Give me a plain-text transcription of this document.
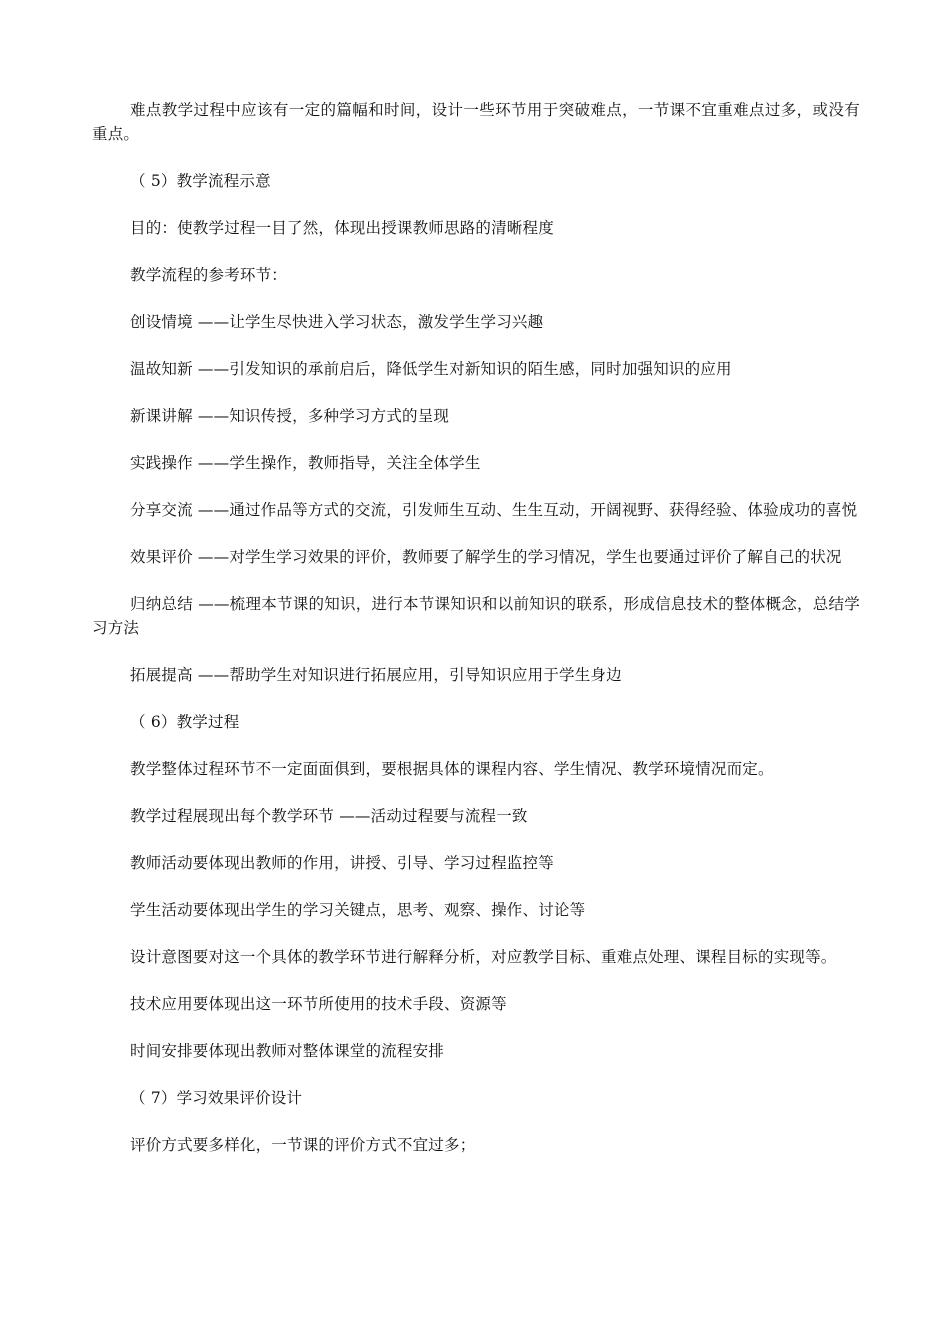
难点教学过程中应该有一定的篇幅和时间，设计一些环节用于突破难点，一节课不宜重难点过多，或没有重点。

（ 5）教学流程示意

目的：使教学过程一目了然，体现出授课教师思路的清晰程度

教学流程的参考环节：

创设情境 ——让学生尽快进入学习状态，激发学生学习兴趣

温故知新 ——引发知识的承前启后，降低学生对新知识的陌生感，同时加强知识的应用

新课讲解 ——知识传授，多种学习方式的呈现

实践操作 ——学生操作，教师指导，关注全体学生

分享交流 ——通过作品等方式的交流，引发师生互动、生生互动，开阔视野、获得经验、体验成功的喜悦

效果评价 ——对学生学习效果的评价，教师要了解学生的学习情况，学生也要通过评价了解自己的状况

归纳总结 ——梳理本节课的知识，进行本节课知识和以前知识的联系，形成信息技术的整体概念，总结学习方法

拓展提高 ——帮助学生对知识进行拓展应用，引导知识应用于学生身边

（ 6）教学过程

教学整体过程环节不一定面面俱到，要根据具体的课程内容、学生情况、教学环境情况而定。

教学过程展现出每个教学环节 ——活动过程要与流程一致

教师活动要体现出教师的作用，讲授、引导、学习过程监控等

学生活动要体现出学生的学习关键点，思考、观察、操作、讨论等

设计意图要对这一个具体的教学环节进行解释分析，对应教学目标、重难点处理、课程目标的实现等。

技术应用要体现出这一环节所使用的技术手段、资源等

时间安排要体现出教师对整体课堂的流程安排

（ 7）学习效果评价设计

评价方式要多样化，一节课的评价方式不宜过多；
